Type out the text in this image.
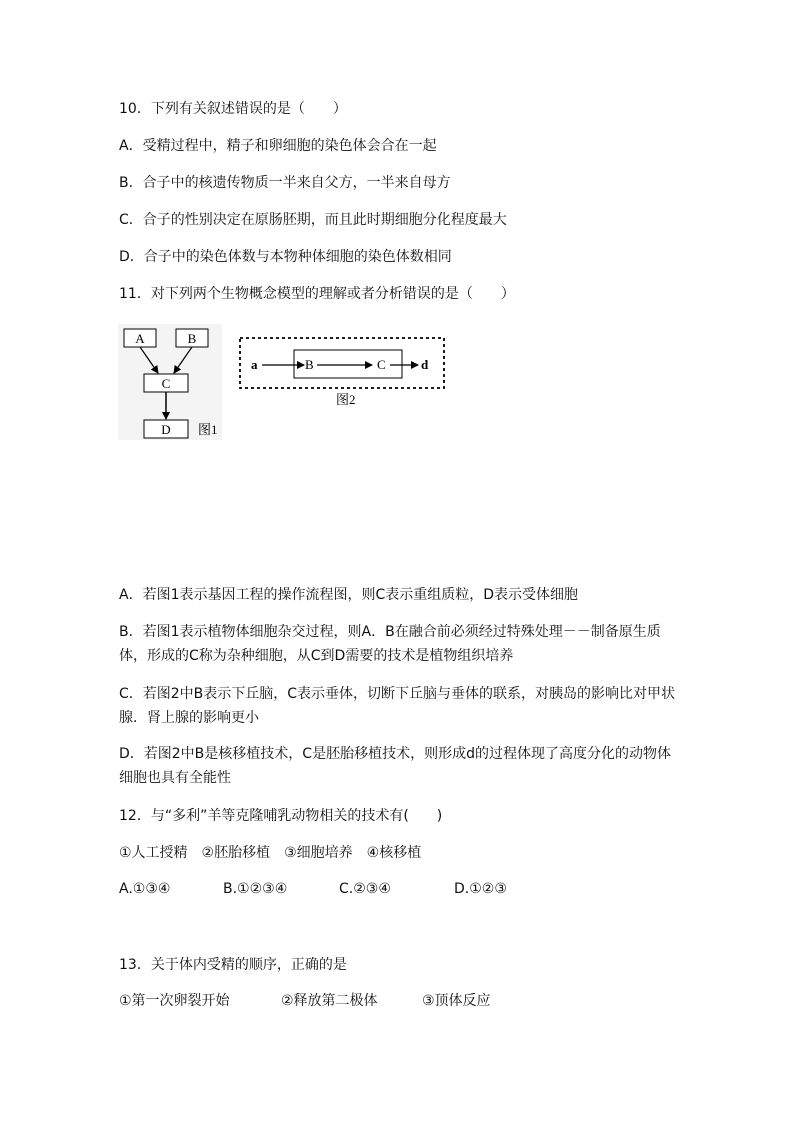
10．下列有关叙述错误的是（　　）
A．受精过程中，精子和卵细胞的染色体会合在一起
B．合子中的核遗传物质一半来自父方，一半来自母方
C．合子的性别决定在原肠胚期，而且此时期细胞分化程度最大
D．合子中的染色体数与本物种体细胞的染色体数相同
11．对下列两个生物概念模型的理解或者分析错误的是（　　）
A	B
C
D 图1
a	B	C	d
图2
A．若图1表示基因工程的操作流程图，则C表示重组质粒，D表示受体细胞
B．若图1表示植物体细胞杂交过程，则A．B在融合前必须经过特殊处理－－制备原生质体，形成的C称为杂种细胞，从C到D需要的技术是植物组织培养
C．若图2中B表示下丘脑，C表示垂体，切断下丘脑与垂体的联系，对胰岛的影响比对甲状腺．肾上腺的影响更小
D．若图2中B是核移植技术，C是胚胎移植技术，则形成d的过程体现了高度分化的动物体细胞也具有全能性
12．与“多利”羊等克隆哺乳动物相关的技术有(　　)
①人工授精　②胚胎移植　③细胞培养　④核移植
A.①③④	B.①②③④	C.②③④	D.①②③
13．关于体内受精的顺序，正确的是
①第一次卵裂开始	②释放第二极体	③顶体反应
